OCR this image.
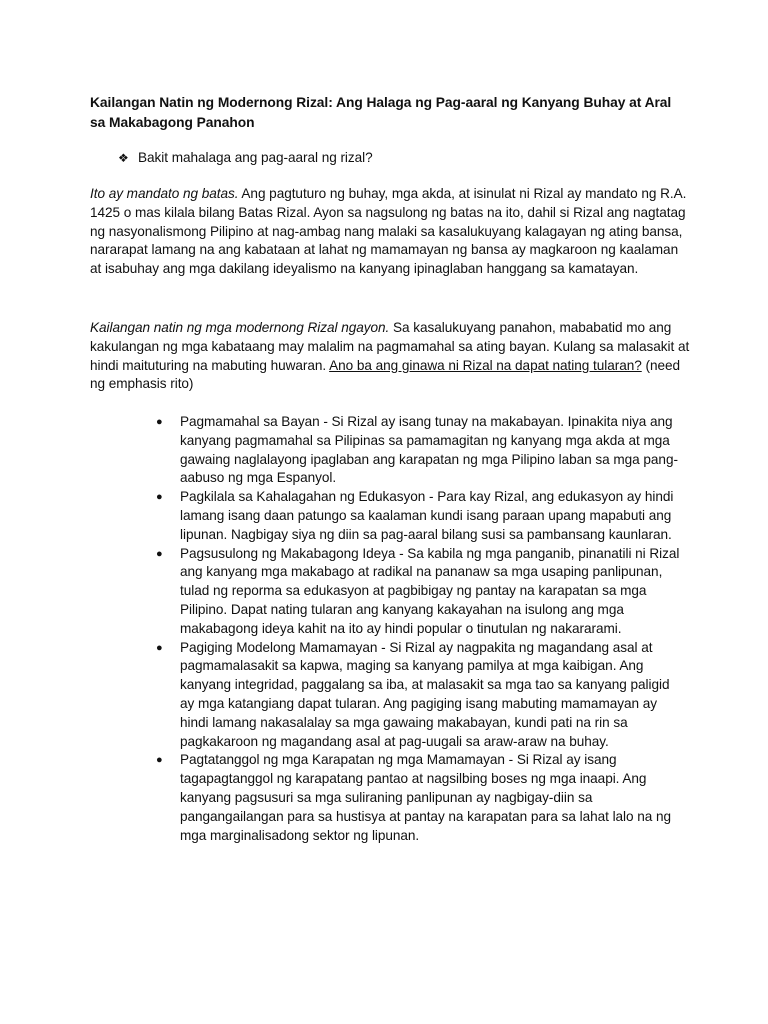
Kailangan Natin ng Modernong Rizal: Ang Halaga ng Pag-aaral ng Kanyang Buhay at Aral sa Makabagong Panahon

❖ Bakit mahalaga ang pag-aaral ng rizal?

Ito ay mandato ng batas. Ang pagtuturo ng buhay, mga akda, at isinulat ni Rizal ay mandato ng R.A. 1425 o mas kilala bilang Batas Rizal. Ayon sa nagsulong ng batas na ito, dahil si Rizal ang nagtatag ng nasyonalismong Pilipino at nag-ambag nang malaki sa kasalukuyang kalagayan ng ating bansa, nararapat lamang na ang kabataan at lahat ng mamamayan ng bansa ay magkaroon ng kaalaman at isabuhay ang mga dakilang ideyalismo na kanyang ipinaglaban hanggang sa kamatayan.

Kailangan natin ng mga modernong Rizal ngayon. Sa kasalukuyang panahon, mababatid mo ang kakulangan ng mga kabataang may malalim na pagmamahal sa ating bayan. Kulang sa malasakit at hindi maituturing na mabuting huwaran. Ano ba ang ginawa ni Rizal na dapat nating tularan? (need ng emphasis rito)

●	Pagmamahal sa Bayan - Si Rizal ay isang tunay na makabayan. Ipinakita niya ang kanyang pagmamahal sa Pilipinas sa pamamagitan ng kanyang mga akda at mga gawaing naglalayong ipaglaban ang karapatan ng mga Pilipino laban sa mga pang-aabuso ng mga Espanyol.
●	Pagkilala sa Kahalagahan ng Edukasyon - Para kay Rizal, ang edukasyon ay hindi lamang isang daan patungo sa kaalaman kundi isang paraan upang mapabuti ang lipunan. Nagbigay siya ng diin sa pag-aaral bilang susi sa pambansang kaunlaran.
●	Pagsusulong ng Makabagong Ideya - Sa kabila ng mga panganib, pinanatili ni Rizal ang kanyang mga makabago at radikal na pananaw sa mga usaping panlipunan, tulad ng reporma sa edukasyon at pagbibigay ng pantay na karapatan sa mga Pilipino. Dapat nating tularan ang kanyang kakayahan na isulong ang mga makabagong ideya kahit na ito ay hindi popular o tinutulan ng nakararami.
●	Pagiging Modelong Mamamayan - Si Rizal ay nagpakita ng magandang asal at pagmamalasakit sa kapwa, maging sa kanyang pamilya at mga kaibigan. Ang kanyang integridad, paggalang sa iba, at malasakit sa mga tao sa kanyang paligid ay mga katangiang dapat tularan. Ang pagiging isang mabuting mamamayan ay hindi lamang nakasalalay sa mga gawaing makabayan, kundi pati na rin sa pagkakaroon ng magandang asal at pag-uugali sa araw-araw na buhay.
●	Pagtatanggol ng mga Karapatan ng mga Mamamayan - Si Rizal ay isang tagapagtanggol ng karapatang pantao at nagsilbing boses ng mga inaapi. Ang kanyang pagsusuri sa mga suliraning panlipunan ay nagbigay-diin sa pangangailangan para sa hustisya at pantay na karapatan para sa lahat lalo na ng mga marginalisadong sektor ng lipunan.
